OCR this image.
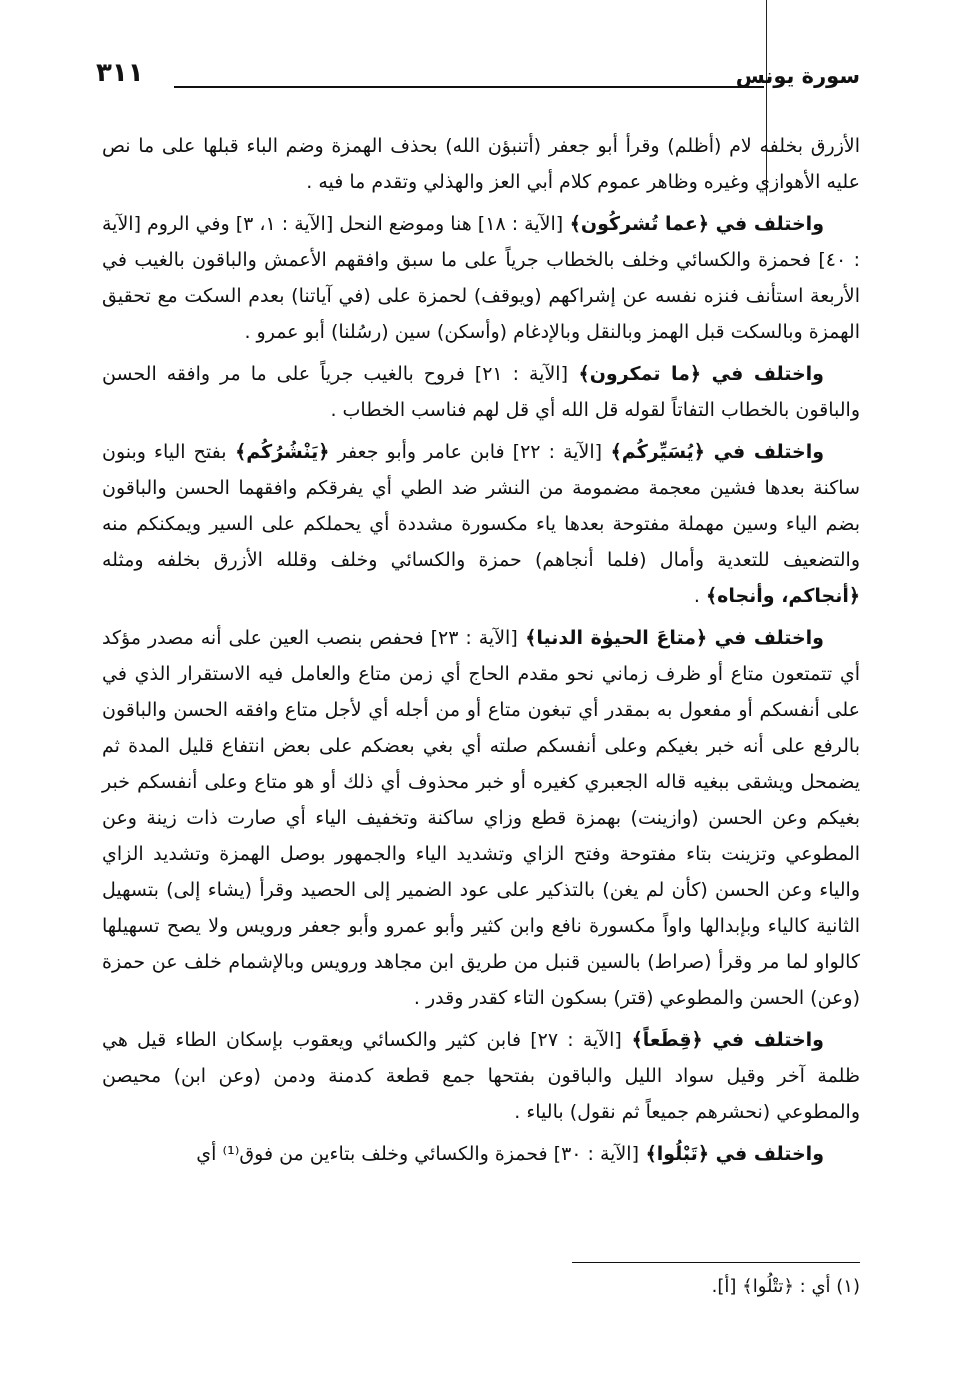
سورة يونس
٣١١

الأزرق بخلفه لام (أظلم) وقرأ أبو جعفر (أتنبؤن الله) بحذف الهمزة وضم الباء قبلها على ما نص عليه الأهوازي وغيره وظاهر عموم كلام أبي العز والهذلي وتقدم ما فيه .

واختلف في ﴿عما تُشركُون﴾ [الآية : ١٨] هنا وموضع النحل [الآية : ١، ٣] وفي الروم [الآية : ٤٠] فحمزة والكسائي وخلف بالخطاب جرياً على ما سبق وافقهم الأعمش والباقون بالغيب في الأربعة استأنف فنزه نفسه عن إشراكهم (ويوقف) لحمزة على (في آياتنا) بعدم السكت مع تحقيق الهمزة وبالسكت قبل الهمز وبالنقل وبالإدغام (وأسكن) سين (رسُلنا) أبو عمرو .

واختلف في ﴿ما تمكرون﴾ [الآية : ٢١] فروح بالغيب جرياً على ما مر وافقه الحسن والباقون بالخطاب التفاتاً لقوله قل الله أي قل لهم فناسب الخطاب .

واختلف في ﴿يُسَيِّركُم﴾ [الآية : ٢٢] فابن عامر وأبو جعفر ﴿يَنْشُرُكُم﴾ بفتح الياء وبنون ساكنة بعدها فشين معجمة مضمومة من النشر ضد الطي أي يفرقكم وافقهما الحسن والباقون بضم الياء وسين مهملة مفتوحة بعدها ياء مكسورة مشددة أي يحملكم على السير ويمكنكم منه والتضعيف للتعدية وأمال (فلما أنجاهم) حمزة والكسائي وخلف وقلله الأزرق بخلفه ومثله ﴿أنجاكم، وأنجاه﴾ .

واختلف في ﴿متاعَ الحيوٰة الدنيا﴾ [الآية : ٢٣] فحفص بنصب العين على أنه مصدر مؤكد أي تتمتعون متاع أو ظرف زماني نحو مقدم الحاج أي زمن متاع والعامل فيه الاستقرار الذي في على أنفسكم أو مفعول به بمقدر أي تبغون متاع أو من أجله أي لأجل متاع وافقه الحسن والباقون بالرفع على أنه خبر بغيكم وعلى أنفسكم صلته أي بغي بعضكم على بعض انتفاع قليل المدة ثم يضمحل ويشقى ببغيه قاله الجعبري كغيره أو خبر محذوف أي ذلك أو هو متاع وعلى أنفسكم خبر بغيكم وعن الحسن (وازينت) بهمزة قطع وزاي ساكنة وتخفيف الياء أي صارت ذات زينة وعن المطوعي وتزينت بتاء مفتوحة وفتح الزاي وتشديد الياء والجمهور بوصل الهمزة وتشديد الزاي والياء وعن الحسن (كأن لم يغن) بالتذكير على عود الضمير إلى الحصيد وقرأ (يشاء إلى) بتسهيل الثانية كالياء وبإبدالها واواً مكسورة نافع وابن كثير وأبو عمرو وأبو جعفر ورويس ولا يصح تسهيلها كالواو لما مر وقرأ (صراط) بالسين قنبل من طريق ابن مجاهد ورويس وبالإشمام خلف عن حمزة (وعن) الحسن والمطوعي (قتر) بسكون التاء كقدر وقدر .

واختلف في ﴿قِطَعاً﴾ [الآية : ٢٧] فابن كثير والكسائي ويعقوب بإسكان الطاء قيل هي ظلمة آخر وقيل سواد الليل والباقون بفتحها جمع قطعة كدمنة ودمن (وعن ابن) محيصن والمطوعي (نحشرهم جميعاً ثم نقول) بالياء .

واختلف في ﴿تَبْلُوا﴾ [الآية : ٣٠] فحمزة والكسائي وخلف بتاءين من فوق⁽¹⁾ أي

(١) أي : ﴿تتْلُوا﴾ [أ].
